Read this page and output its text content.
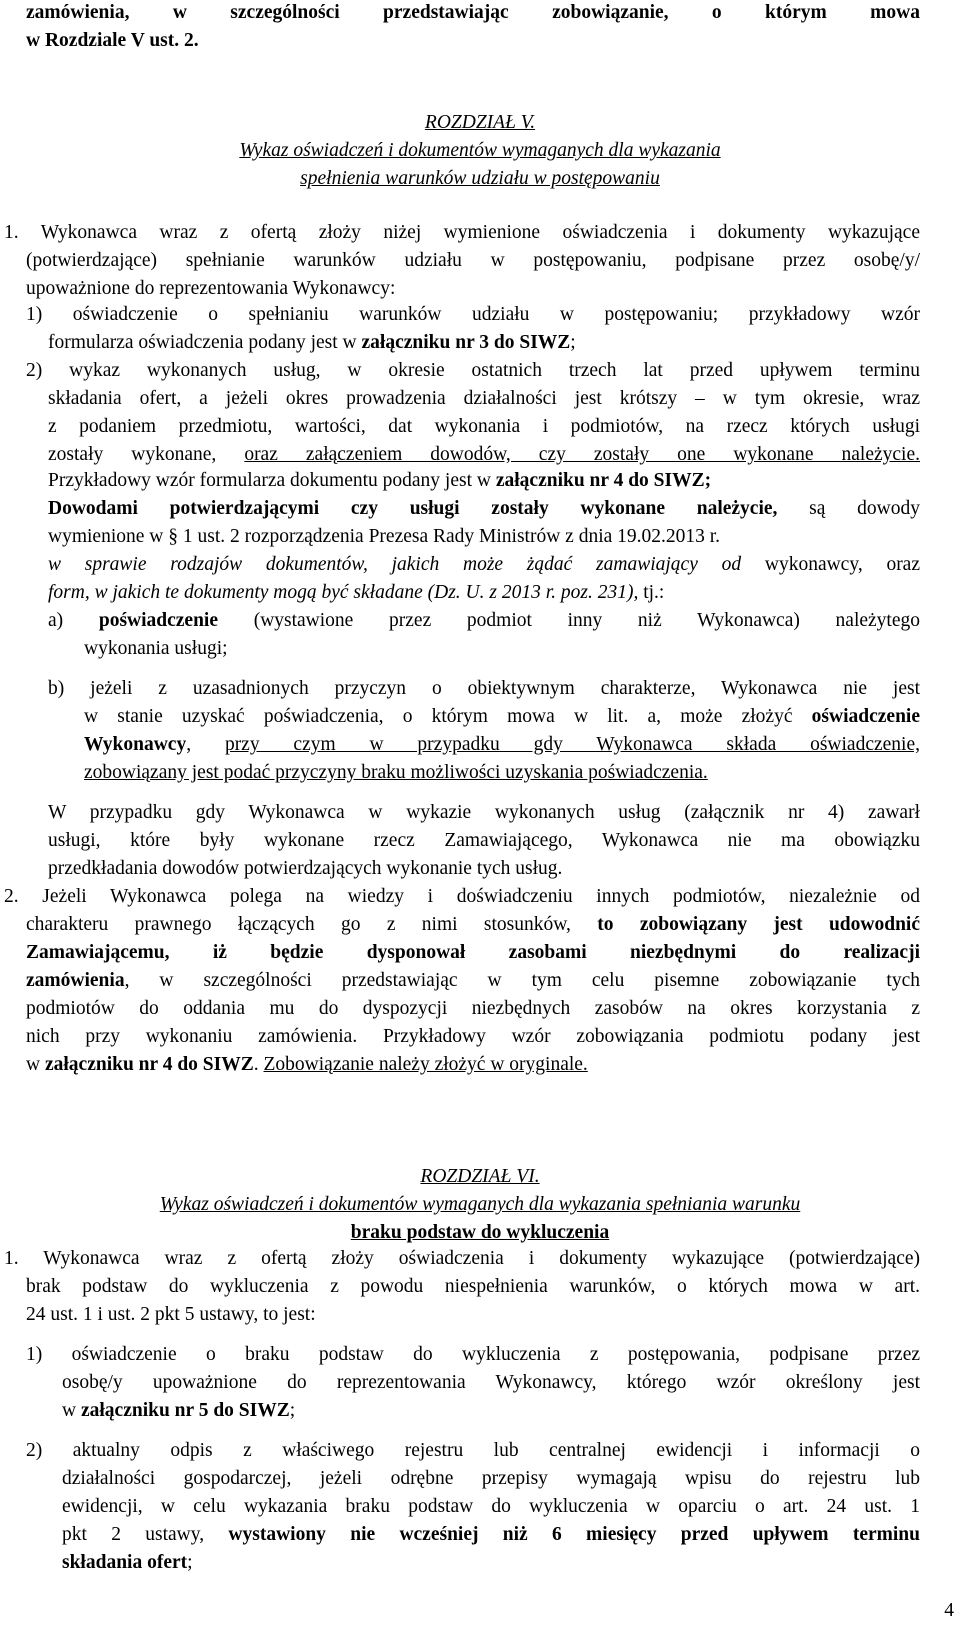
zamówienia, w szczególności przedstawiając zobowiązanie, o którym mowa
w Rozdziale V ust. 2.
ROZDZIAŁ V.
Wykaz oświadczeń i dokumentów wymaganych dla wykazania
spełnienia warunków udziału w postępowaniu
1. Wykonawca wraz z ofertą złoży niżej wymienione oświadczenia i dokumenty wykazujące
(potwierdzające) spełnianie warunków udziału w postępowaniu, podpisane przez osobę/y/
upoważnione do reprezentowania Wykonawcy:
1) oświadczenie o spełnianiu warunków udziału w postępowaniu; przykładowy wzór
formularza oświadczenia podany jest w załączniku nr 3 do SIWZ;
2) wykaz wykonanych usług, w okresie ostatnich trzech lat przed upływem terminu
składania ofert, a jeżeli okres prowadzenia działalności jest krótszy – w tym okresie, wraz
z podaniem przedmiotu, wartości, dat wykonania i podmiotów, na rzecz których usługi
zostały wykonane, oraz załączeniem dowodów, czy zostały one wykonane należycie.
Przykładowy wzór formularza dokumentu podany jest w załączniku nr 4 do SIWZ;
Dowodami potwierdzającymi czy usługi zostały wykonane należycie, są dowody
wymienione w § 1 ust. 2 rozporządzenia Prezesa Rady Ministrów z dnia 19.02.2013 r.
w sprawie rodzajów dokumentów, jakich może żądać zamawiający od wykonawcy, oraz
form, w jakich te dokumenty mogą być składane (Dz. U. z 2013 r. poz. 231), tj.:
a) poświadczenie (wystawione przez podmiot inny niż Wykonawca) należytego
wykonania usługi;
b) jeżeli z uzasadnionych przyczyn o obiektywnym charakterze, Wykonawca nie jest
w stanie uzyskać poświadczenia, o którym mowa w lit. a, może złożyć oświadczenie
Wykonawcy, przy czym w przypadku gdy Wykonawca składa oświadczenie,
zobowiązany jest podać przyczyny braku możliwości uzyskania poświadczenia.
W przypadku gdy Wykonawca w wykazie wykonanych usług (załącznik nr 4) zawarł
usługi, które były wykonane rzecz Zamawiającego, Wykonawca nie ma obowiązku
przedkładania dowodów potwierdzających wykonanie tych usług.
2. Jeżeli Wykonawca polega na wiedzy i doświadczeniu innych podmiotów, niezależnie od
charakteru prawnego łączących go z nimi stosunków, to zobowiązany jest udowodnić
Zamawiającemu, iż będzie dysponował zasobami niezbędnymi do realizacji
zamówienia, w szczególności przedstawiając w tym celu pisemne zobowiązanie tych
podmiotów do oddania mu do dyspozycji niezbędnych zasobów na okres korzystania z
nich przy wykonaniu zamówienia. Przykładowy wzór zobowiązania podmiotu podany jest
w załączniku nr 4 do SIWZ. Zobowiązanie należy złożyć w oryginale.
ROZDZIAŁ VI.
Wykaz oświadczeń i dokumentów wymaganych dla wykazania spełniania warunku
braku podstaw do wykluczenia
1. Wykonawca wraz z ofertą złoży oświadczenia i dokumenty wykazujące (potwierdzające)
brak podstaw do wykluczenia z powodu niespełnienia warunków, o których mowa w art.
24 ust. 1 i ust. 2 pkt 5 ustawy, to jest:
1) oświadczenie o braku podstaw do wykluczenia z postępowania, podpisane przez
osobę/y upoważnione do reprezentowania Wykonawcy, którego wzór określony jest
w załączniku nr 5 do SIWZ;
2) aktualny odpis z właściwego rejestru lub centralnej ewidencji i informacji o
działalności gospodarczej, jeżeli odrębne przepisy wymagają wpisu do rejestru lub
ewidencji, w celu wykazania braku podstaw do wykluczenia w oparciu o art. 24 ust. 1
pkt 2 ustawy, wystawiony nie wcześniej niż 6 miesięcy przed upływem terminu
składania ofert;
4
